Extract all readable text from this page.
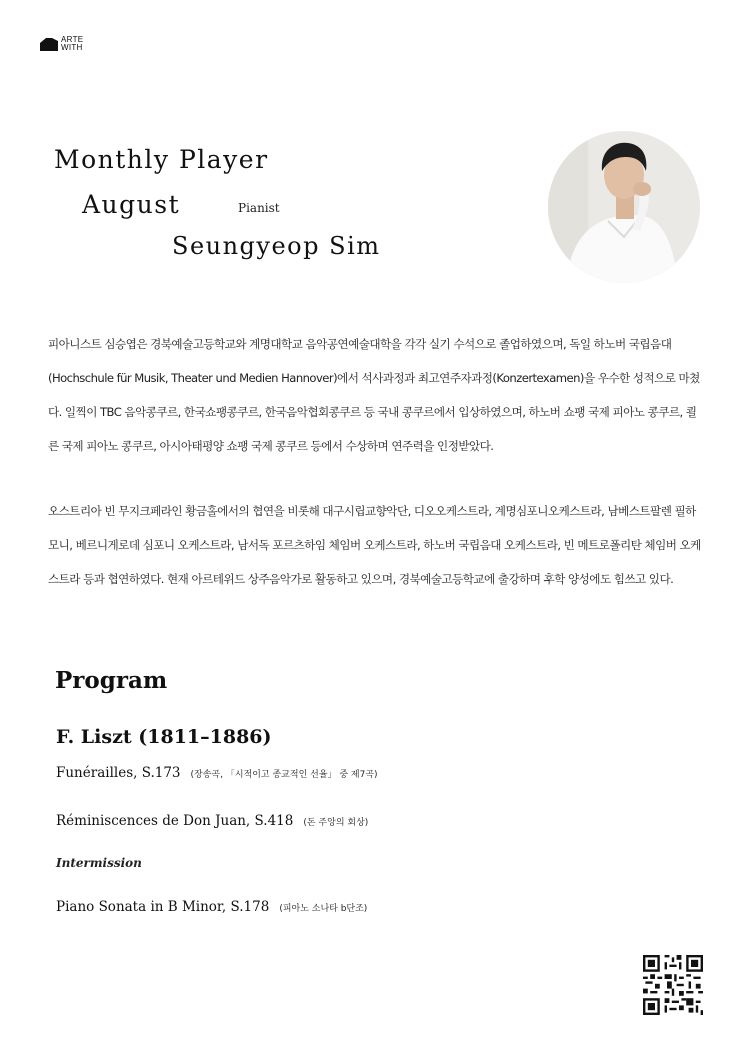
ARTE
WITH
Monthly Player
August	Pianist
Seungyeop Sim

피아니스트 심승엽은 경북예술고등학교와 계명대학교 음악공연예술대학을 각각 실기 수석으로 졸업하였으며, 독일 하노버 국립음대(Hochschule für Musik, Theater und Medien Hannover)에서 석사과정과 최고연주자과정(Konzertexamen)을 우수한 성적으로 마쳤다. 일찍이 TBC 음악콩쿠르, 한국쇼팽콩쿠르, 한국음악협회콩쿠르 등 국내 콩쿠르에서 입상하였으며, 하노버 쇼팽 국제 피아노 콩쿠르, 쾰른 국제 피아노 콩쿠르, 아시아태평양 쇼팽 국제 콩쿠르 등에서 수상하며 연주력을 인정받았다.

오스트리아 빈 무지크페라인 황금홀에서의 협연을 비롯해 대구시립교향악단, 디오오케스트라, 계명심포니오케스트라, 남베스트팔렌 필하모니, 베르니게로데 심포니 오케스트라, 남서독 포르츠하임 체임버 오케스트라, 하노버 국립음대 오케스트라, 빈 메트로폴리탄 체임버 오케스트라 등과 협연하였다. 현재 아르테위드 상주음악가로 활동하고 있으며, 경북예술고등학교에 출강하며 후학 양성에도 힘쓰고 있다.

Program
F. Liszt (1811–1886)
Funérailles, S.173 (장송곡, 「시적이고 종교적인 선율」 중 제7곡)
Réminiscences de Don Juan, S.418 (돈 주앙의 회상)
Intermission
Piano Sonata in B Minor, S.178 (피아노 소나타 b단조)
